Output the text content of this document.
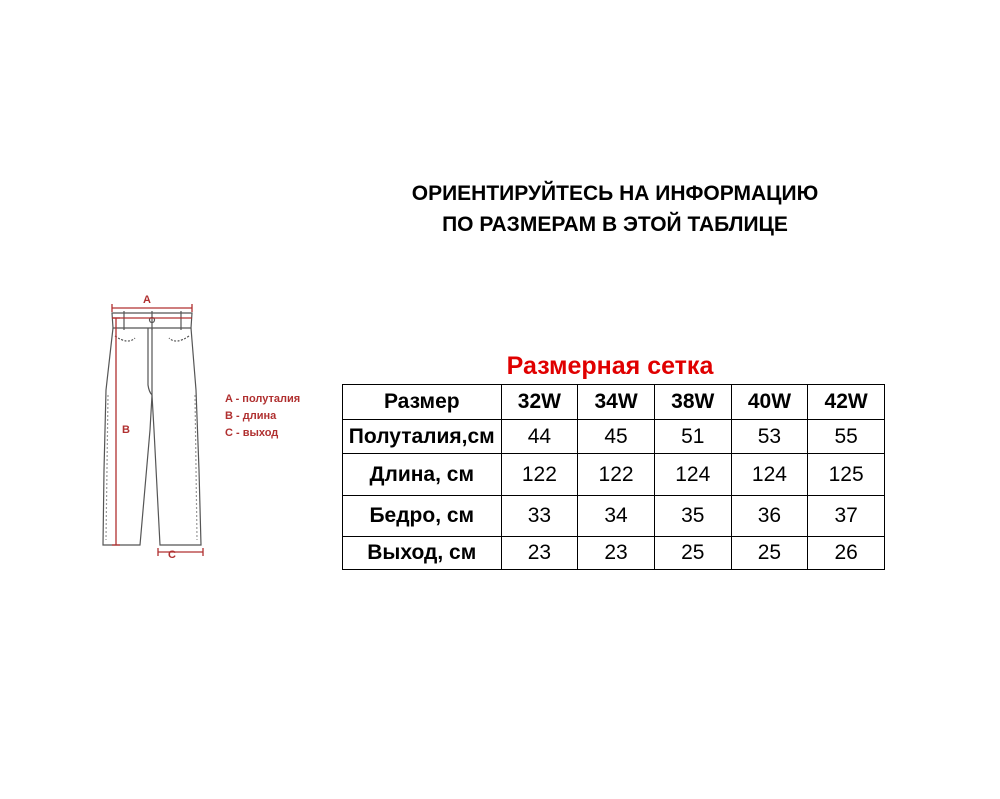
ОРИЕНТИРУЙТЕСЬ НА ИНФОРМАЦИЮ
ПО РАЗМЕРАМ В ЭТОЙ ТАБЛИЦЕ
A
B
C
A - полуталия
B - длина
C - выход
Размерная сетка
Размер	32W	34W	38W	40W	42W
Полуталия,см	44	45	51	53	55
Длина, см	122	122	124	124	125
Бедро, см	33	34	35	36	37
Выход, см	23	23	25	25	26
